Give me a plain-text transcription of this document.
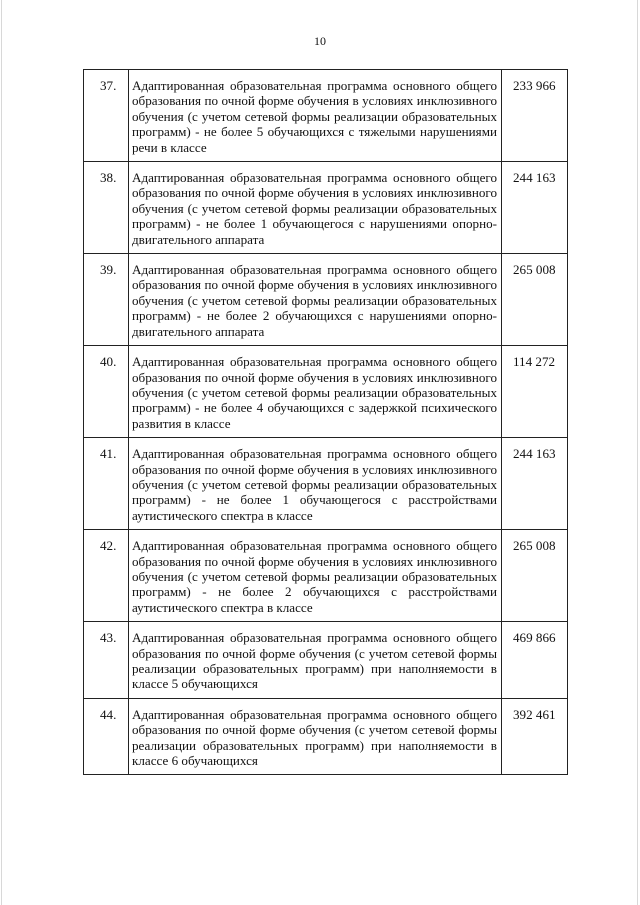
10
37.	Адаптированная образовательная программа основного общего образования по очной форме обучения в условиях инклюзивного обучения (с учетом сетевой формы реализации образовательных программ) - не более 5 обучающихся с тяжелыми нарушениями речи в классе	233 966
38.	Адаптированная образовательная программа основного общего образования по очной форме обучения в условиях инклюзивного обучения (с учетом сетевой формы реализации образовательных программ) - не более 1 обучающегося с нарушениями опорно-двигательного аппарата	244 163
39.	Адаптированная образовательная программа основного общего образования по очной форме обучения в условиях инклюзивного обучения (с учетом сетевой формы реализации образовательных программ) - не более 2 обучающихся с нарушениями опорно-двигательного аппарата	265 008
40.	Адаптированная образовательная программа основного общего образования по очной форме обучения в условиях инклюзивного обучения (с учетом сетевой формы реализации образовательных программ) - не более 4 обучающихся с задержкой психического развития в классе	114 272
41.	Адаптированная образовательная программа основного общего образования по очной форме обучения в условиях инклюзивного обучения (с учетом сетевой формы реализации образовательных программ) - не более 1 обучающегося с расстройствами аутистического спектра в классе	244 163
42.	Адаптированная образовательная программа основного общего образования по очной форме обучения в условиях инклюзивного обучения (с учетом сетевой формы реализации образовательных программ) - не более 2 обучающихся с расстройствами аутистического спектра в классе	265 008
43.	Адаптированная образовательная программа основного общего образования по очной форме обучения (с учетом сетевой формы реализации образовательных программ) при наполняемости в классе 5 обучающихся	469 866
44.	Адаптированная образовательная программа основного общего образования по очной форме обучения (с учетом сетевой формы реализации образовательных программ) при наполняемости в классе 6 обучающихся	392 461
